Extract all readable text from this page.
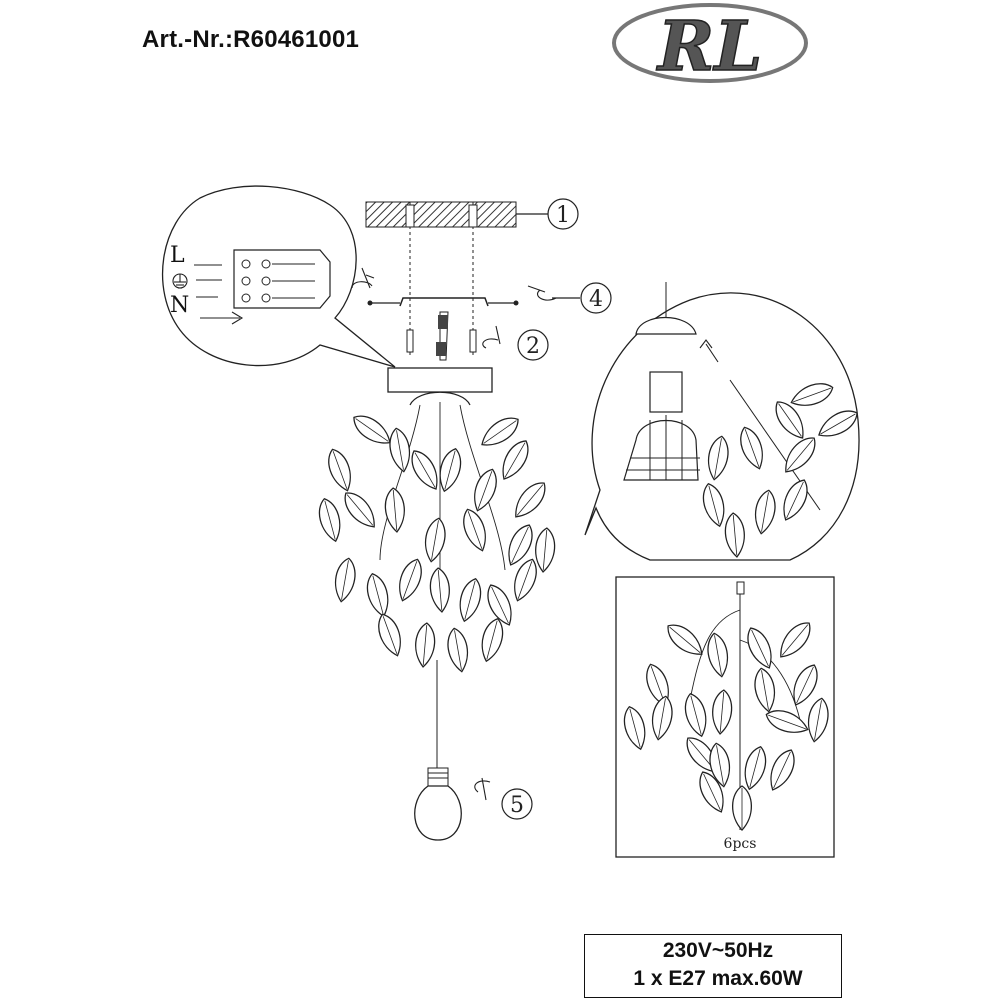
Art.-Nr.:R60461001	RL
1
2
4
5
L
N
6pcs
230V~50Hz
1 x E27 max.60W
